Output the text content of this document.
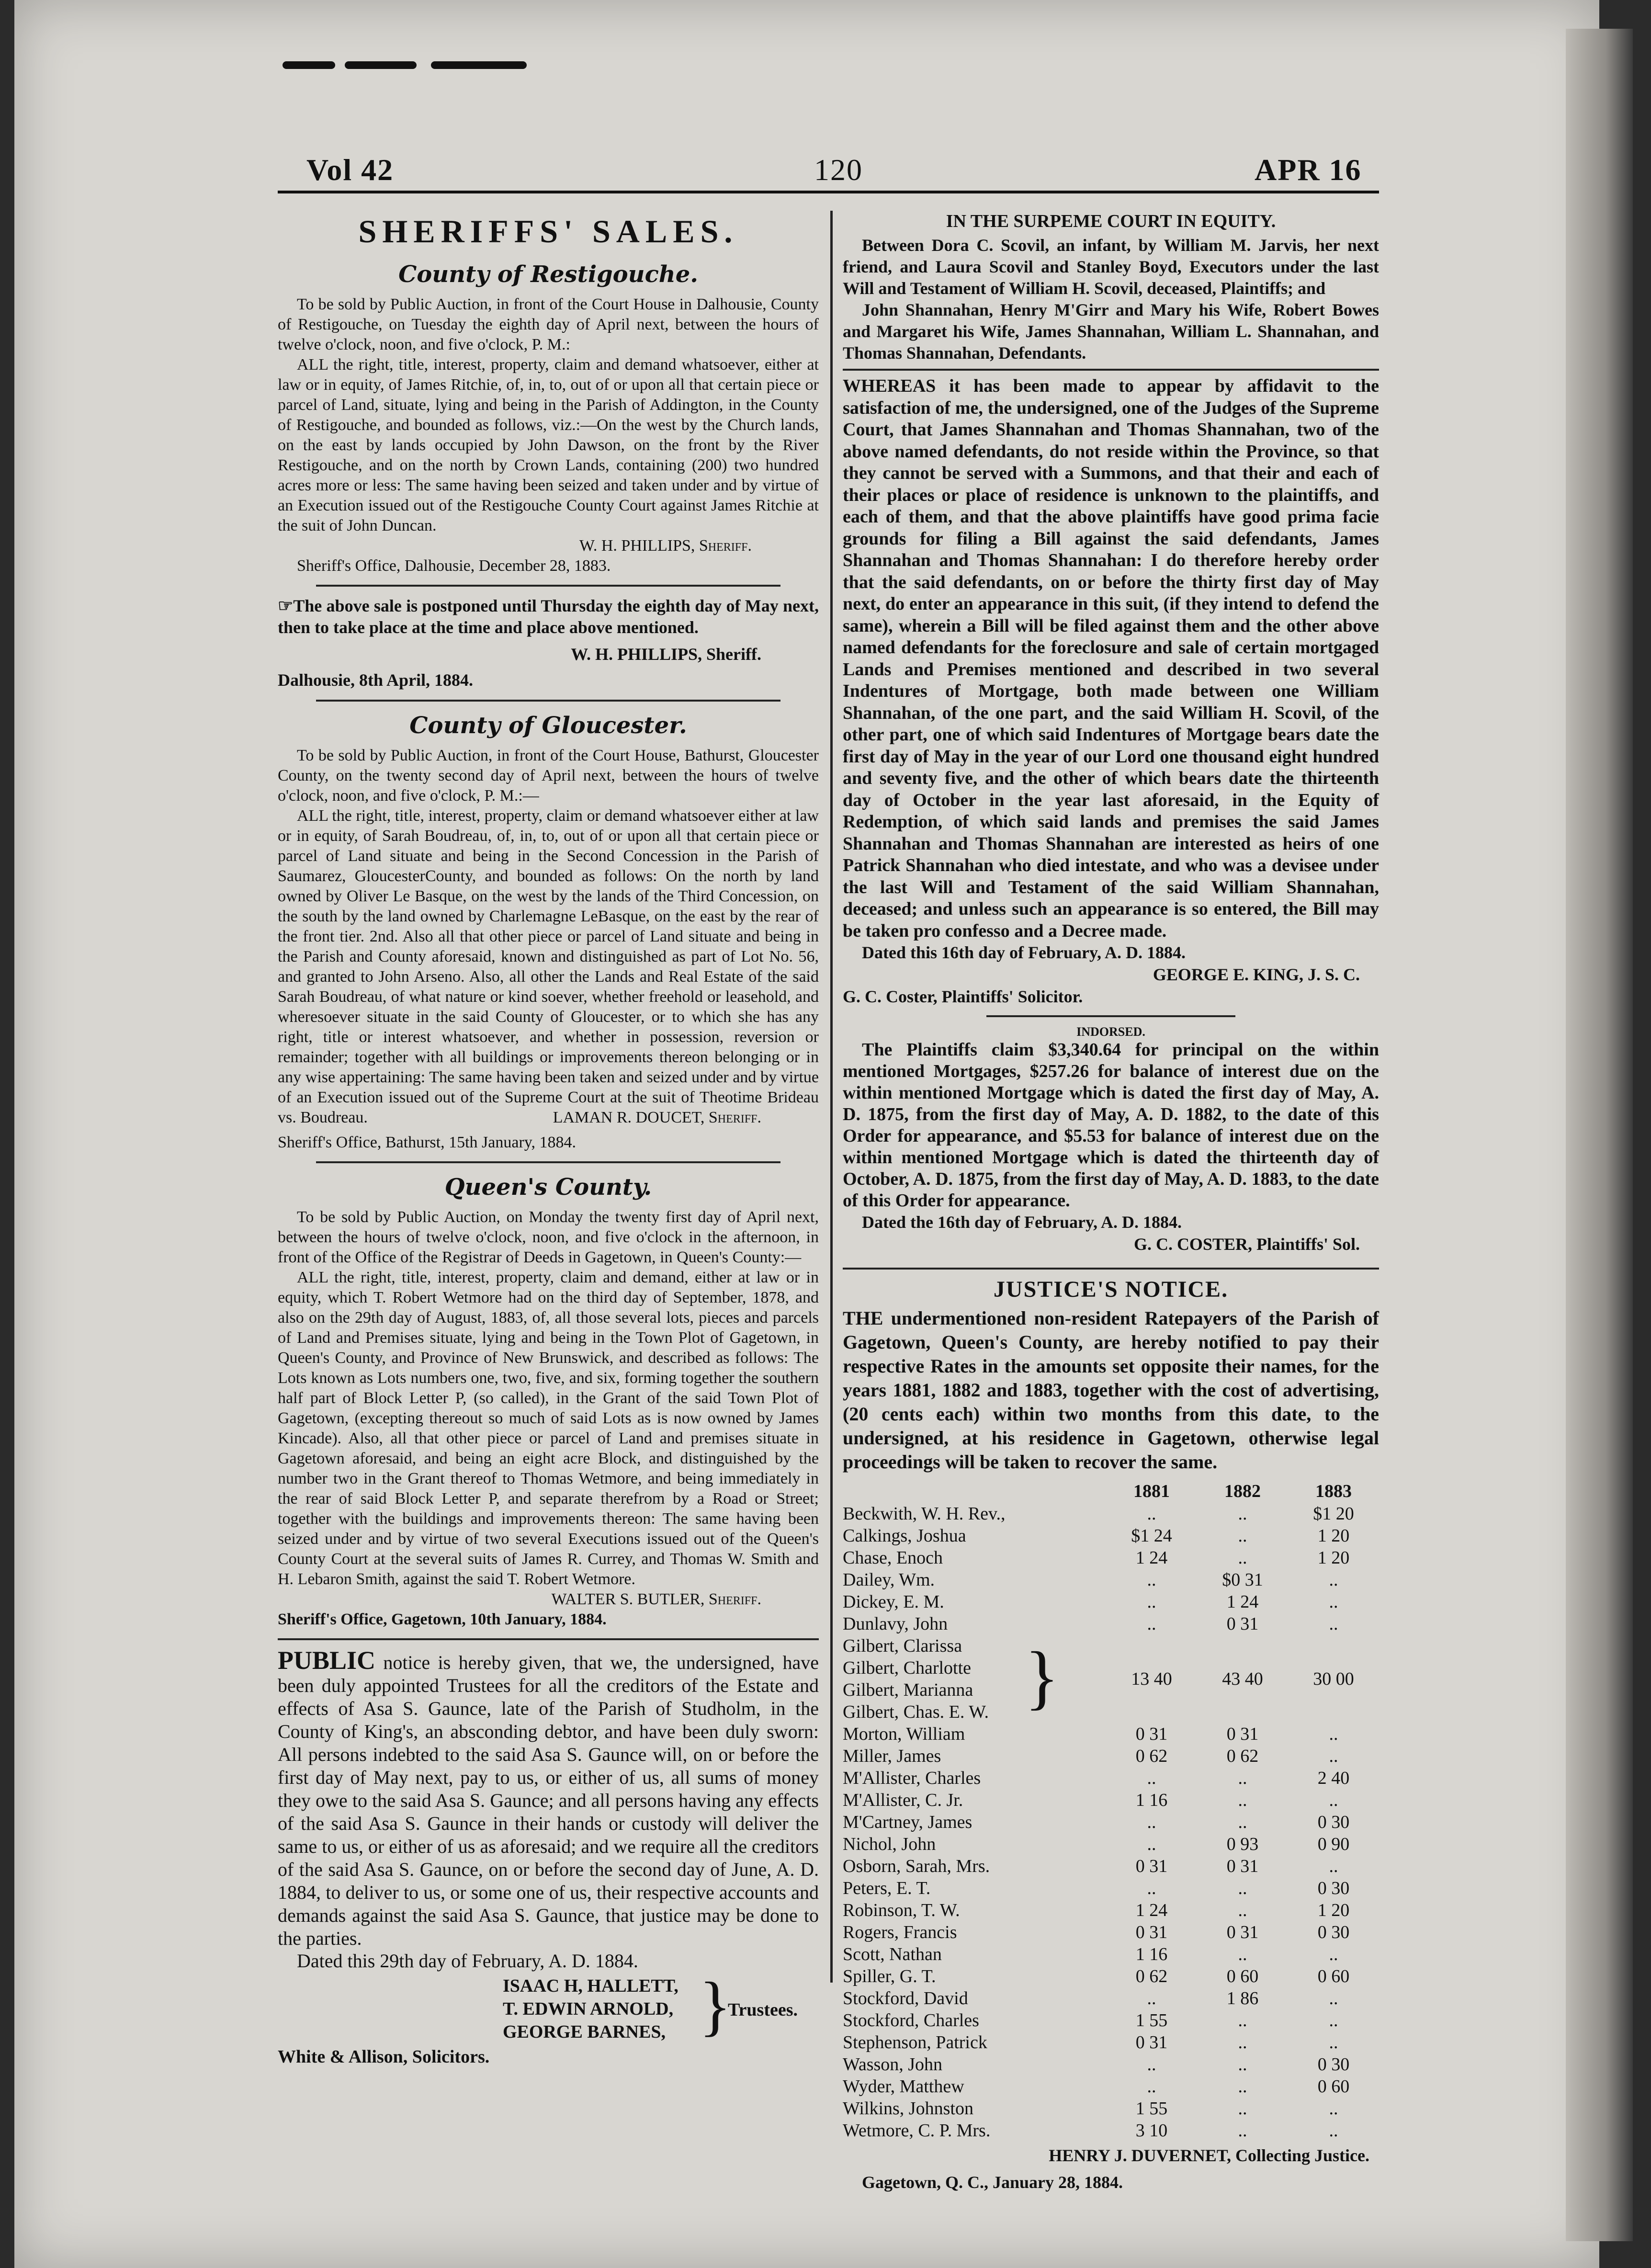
Vol 42	120	APR 16
SHERIFFS' SALES.
County of Restigouche.

To be sold by Public Auction, in front of the Court House in Dalhousie, County of Restigouche, on Tuesday the eighth day of April next, between the hours of twelve o'clock, noon, and five o'clock, P. M.:

ALL the right, title, interest, property, claim and demand whatsoever, either at law or in equity, of James Ritchie, of, in, to, out of or upon all that certain piece or parcel of Land, situate, lying and being in the Parish of Addington, in the County of Restigouche, and bounded as follows, viz.:—On the west by the Church lands, on the east by lands occupied by John Dawson, on the front by the River Restigouche, and on the north by Crown Lands, containing (200) two hundred acres more or less: The same having been seized and taken under and by virtue of an Execution issued out of the Restigouche County Court against James Ritchie at the suit of John Duncan.

W. H. PHILLIPS, Sheriff.

Sheriff's Office, Dalhousie, December 28, 1883.

☞The above sale is postponed until Thursday the eighth day of May next, then to take place at the time and place above mentioned.

W. H. PHILLIPS, Sheriff.

Dalhousie, 8th April, 1884.

County of Gloucester.

To be sold by Public Auction, in front of the Court House, Bathurst, Gloucester County, on the twenty second day of April next, between the hours of twelve o'clock, noon, and five o'clock, P. M.:—

ALL the right, title, interest, property, claim or demand whatsoever either at law or in equity, of Sarah Boudreau, of, in, to, out of or upon all that certain piece or parcel of Land situate and being in the Second Concession in the Parish of Saumarez, GloucesterCounty, and bounded as follows: On the north by land owned by Oliver Le Basque, on the west by the lands of the Third Concession, on the south by the land owned by Charlemagne LeBasque, on the east by the rear of the front tier. 2nd. Also all that other piece or parcel of Land situate and being in the Parish and County aforesaid, known and distinguished as part of Lot No. 56, and granted to John Arseno. Also, all other the Lands and Real Estate of the said Sarah Boudreau, of what nature or kind soever, whether freehold or leasehold, and wheresoever situate in the said County of Gloucester, or to which she has any right, title or interest whatsoever, and whether in possession, reversion or remainder; together with all buildings or improvements thereon belonging or in any wise appertaining: The same having been taken and seized under and by virtue of an Execution issued out of the Supreme Court at the suit of Theotime Brideau vs. Boudreau.	LAMAN R. DOUCET, Sheriff.

Sheriff's Office, Bathurst, 15th January, 1884.

Queen's County.

To be sold by Public Auction, on Monday the twenty first day of April next, between the hours of twelve o'clock, noon, and five o'clock in the afternoon, in front of the Office of the Registrar of Deeds in Gagetown, in Queen's County:—

ALL the right, title, interest, property, claim and demand, either at law or in equity, which T. Robert Wetmore had on the third day of September, 1878, and also on the 29th day of August, 1883, of, all those several lots, pieces and parcels of Land and Premises situate, lying and being in the Town Plot of Gagetown, in Queen's County, and Province of New Brunswick, and described as follows: The Lots known as Lots numbers one, two, five, and six, forming together the southern half part of Block Letter P, (so called), in the Grant of the said Town Plot of Gagetown, (excepting thereout so much of said Lots as is now owned by James Kincade). Also, all that other piece or parcel of Land and premises situate in Gagetown aforesaid, and being an eight acre Block, and distinguished by the number two in the Grant thereof to Thomas Wetmore, and being immediately in the rear of said Block Letter P, and separate therefrom by a Road or Street; together with the buildings and improvements thereon: The same having been seized under and by virtue of two several Executions issued out of the Queen's County Court at the several suits of James R. Currey, and Thomas W. Smith and H. Lebaron Smith, against the said T. Robert Wetmore.

WALTER S. BUTLER, Sheriff.

Sheriff's Office, Gagetown, 10th January, 1884.

PUBLIC notice is hereby given, that we, the undersigned, have been duly appointed Trustees for all the creditors of the Estate and effects of Asa S. Gaunce, late of the Parish of Studholm, in the County of King's, an absconding debtor, and have been duly sworn: All persons indebted to the said Asa S. Gaunce will, on or before the first day of May next, pay to us, or either of us, all sums of money they owe to the said Asa S. Gaunce; and all persons having any effects of the said Asa S. Gaunce in their hands or custody will deliver the same to us, or either of us as aforesaid; and we require all the creditors of the said Asa S. Gaunce, on or before the second day of June, A. D. 1884, to deliver to us, or some one of us, their respective accounts and demands against the said Asa S. Gaunce, that justice may be done to the parties.

Dated this 29th day of February, A. D. 1884.

ISAAC H, HALLETT,
T. EDWIN ARNOLD,
GEORGE BARNES, }
Trustees.

White & Allison, Solicitors.

IN THE SURPEME COURT IN EQUITY.

Between Dora C. Scovil, an infant, by William M. Jarvis, her next friend, and Laura Scovil and Stanley Boyd, Executors under the last Will and Testament of William H. Scovil, deceased, Plaintiffs; and

John Shannahan, Henry M'Girr and Mary his Wife, Robert Bowes and Margaret his Wife, James Shannahan, William L. Shannahan, and Thomas Shannahan, Defendants.

WHEREAS it has been made to appear by affidavit to the satisfaction of me, the undersigned, one of the Judges of the Supreme Court, that James Shannahan and Thomas Shannahan, two of the above named defendants, do not reside within the Province, so that they cannot be served with a Summons, and that their and each of their places or place of residence is unknown to the plaintiffs, and each of them, and that the above plaintiffs have good prima facie grounds for filing a Bill against the said defendants, James Shannahan and Thomas Shannahan: I do therefore hereby order that the said defendants, on or before the thirty first day of May next, do enter an appearance in this suit, (if they intend to defend the same), wherein a Bill will be filed against them and the other above named defendants for the foreclosure and sale of certain mortgaged Lands and Premises mentioned and described in two several Indentures of Mortgage, both made between one William Shannahan, of the one part, and the said William H. Scovil, of the other part, one of which said Indentures of Mortgage bears date the first day of May in the year of our Lord one thousand eight hundred and seventy five, and the other of which bears date the thirteenth day of October in the year last aforesaid, in the Equity of Redemption, of which said lands and premises the said James Shannahan and Thomas Shannahan are interested as heirs of one Patrick Shannahan who died intestate, and who was a devisee under the last Will and Testament of the said William Shannahan, deceased; and unless such an appearance is so entered, the Bill may be taken pro confesso and a Decree made.

Dated this 16th day of February, A. D. 1884.

GEORGE E. KING, J. S. C.

G. C. Coster, Plaintiffs' Solicitor.

INDORSED.

The Plaintiffs claim $3,340.64 for principal on the within mentioned Mortgages, $257.26 for balance of interest due on the within mentioned Mortgage which is dated the first day of May, A. D. 1875, from the first day of May, A. D. 1882, to the date of this Order for appearance, and $5.53 for balance of interest due on the within mentioned Mortgage which is dated the thirteenth day of October, A. D. 1875, from the first day of May, A. D. 1883, to the date of this Order for appearance.

Dated the 16th day of February, A. D. 1884.

G. C. COSTER, Plaintiffs' Sol.

JUSTICE'S NOTICE.

THE undermentioned non-resident Ratepayers of the Parish of Gagetown, Queen's County, are hereby notified to pay their respective Rates in the amounts set opposite their names, for the years 1881, 1882 and 1883, together with the cost of advertising, (20 cents each) within two months from this date, to the undersigned, at his residence in Gagetown, otherwise legal proceedings will be taken to recover the same.

	1881	1882	1883
Beckwith, W. H. Rev.,	..	..	$1 20
Calkings, Joshua	$1 24	..	1 20
Chase, Enoch	1 24	..	1 20
Dailey, Wm.	..	$0 31	..
Dickey, E. M.	..	1 24	..
Dunlavy, John	..	0 31	..

Gilbert, Clarissa
Gilbert, Charlotte
Gilbert, Marianna
Gilbert, Chas. E. W. }	13 40	43 40	30 00
Morton, William	0 31	0 31	..
Miller, James	0 62	0 62	..
M'Allister, Charles	..	..	2 40
M'Allister, C. Jr.	1 16	..	..
M'Cartney, James	..	..	0 30
Nichol, John	..	0 93	0 90
Osborn, Sarah, Mrs.	0 31	0 31	..
Peters, E. T.	..	..	0 30
Robinson, T. W.	1 24	..	1 20
Rogers, Francis	0 31	0 31	0 30
Scott, Nathan	1 16	..	..
Spiller, G. T.	0 62	0 60	0 60
Stockford, David	..	1 86	..
Stockford, Charles	1 55	..	..
Stephenson, Patrick	0 31	..	..
Wasson, John	..	..	0 30
Wyder, Matthew	..	..	0 60
Wilkins, Johnston	1 55	..	..
Wetmore, C. P. Mrs.	3 10	..	..

HENRY J. DUVERNET, Collecting Justice.

Gagetown, Q. C., January 28, 1884.
